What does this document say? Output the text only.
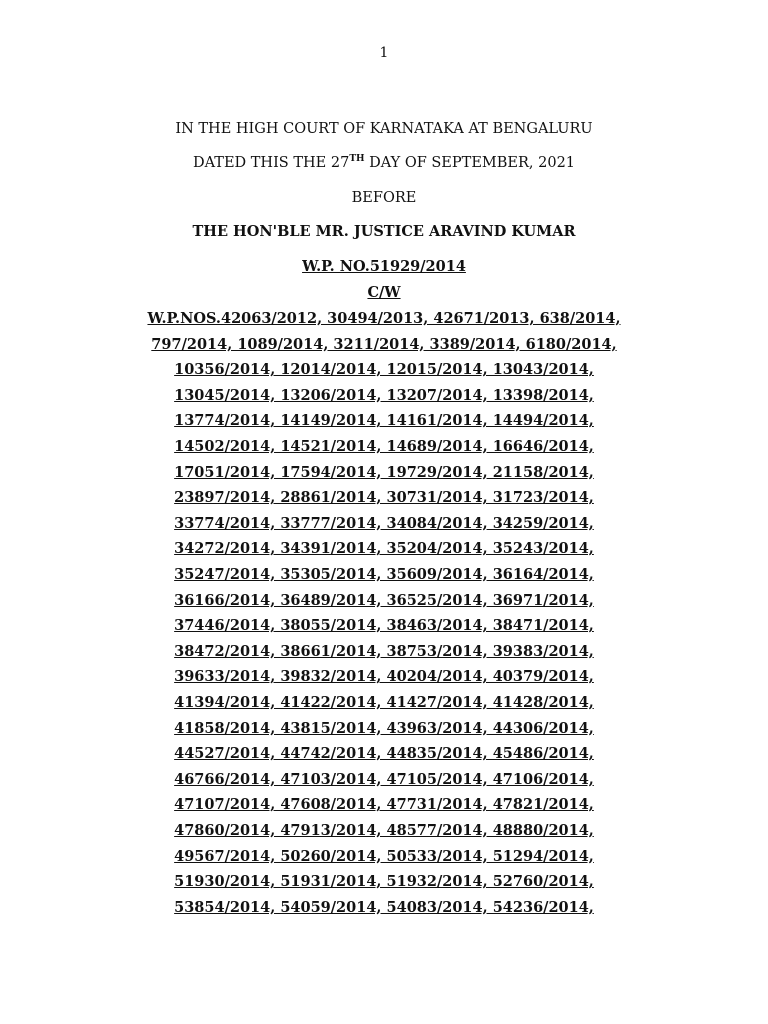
1
IN THE HIGH COURT OF KARNATAKA AT BENGALURU
DATED THIS THE 27TH DAY OF SEPTEMBER, 2021
BEFORE
THE HON'BLE MR. JUSTICE ARAVIND KUMAR
W.P. NO.51929/2014
C/W
W.P.NOS.42063/2012, 30494/2013, 42671/2013, 638/2014,
797/2014, 1089/2014, 3211/2014, 3389/2014, 6180/2014,
10356/2014, 12014/2014, 12015/2014, 13043/2014,
13045/2014, 13206/2014, 13207/2014, 13398/2014,
13774/2014, 14149/2014, 14161/2014, 14494/2014,
14502/2014, 14521/2014, 14689/2014, 16646/2014,
17051/2014, 17594/2014, 19729/2014, 21158/2014,
23897/2014, 28861/2014, 30731/2014, 31723/2014,
33774/2014, 33777/2014, 34084/2014, 34259/2014,
34272/2014, 34391/2014, 35204/2014, 35243/2014,
35247/2014, 35305/2014, 35609/2014, 36164/2014,
36166/2014, 36489/2014, 36525/2014, 36971/2014,
37446/2014, 38055/2014, 38463/2014, 38471/2014,
38472/2014, 38661/2014, 38753/2014, 39383/2014,
39633/2014, 39832/2014, 40204/2014, 40379/2014,
41394/2014, 41422/2014, 41427/2014, 41428/2014,
41858/2014, 43815/2014, 43963/2014, 44306/2014,
44527/2014, 44742/2014, 44835/2014, 45486/2014,
46766/2014, 47103/2014, 47105/2014, 47106/2014,
47107/2014, 47608/2014, 47731/2014, 47821/2014,
47860/2014, 47913/2014, 48577/2014, 48880/2014,
49567/2014, 50260/2014, 50533/2014, 51294/2014,
51930/2014, 51931/2014, 51932/2014, 52760/2014,
53854/2014, 54059/2014, 54083/2014, 54236/2014,
